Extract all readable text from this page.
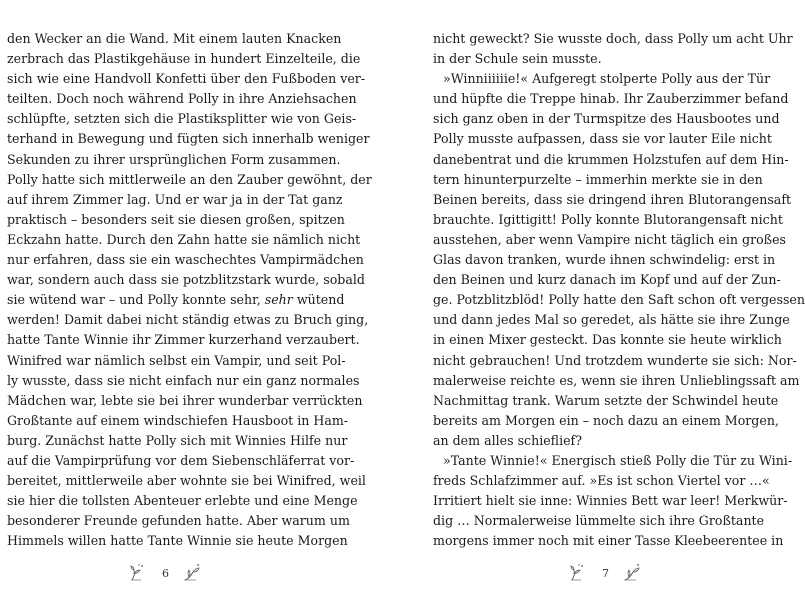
den Wecker an die Wand. Mit einem lauten Knacken
zerbrach das Plastikgehäuse in hundert Einzelteile, die
sich wie eine Handvoll Konfetti über den Fußboden ver-
teilten. Doch noch während Polly in ihre Anziehsachen
schlüpfte, setzten sich die Plastiksplitter wie von Geis-
terhand in Bewegung und fügten sich innerhalb weniger
Sekunden zu ihrer ursprünglichen Form zusammen.
Polly hatte sich mittlerweile an den Zauber gewöhnt, der
auf ihrem Zimmer lag. Und er war ja in der Tat ganz
praktisch – besonders seit sie diesen großen, spitzen
Eckzahn hatte. Durch den Zahn hatte sie nämlich nicht
nur erfahren, dass sie ein waschechtes Vampirmädchen
war, sondern auch dass sie potzblitzstark wurde, sobald
sie wütend war – und Polly konnte sehr, sehr wütend
werden! Damit dabei nicht ständig etwas zu Bruch ging,
hatte Tante Winnie ihr Zimmer kurzerhand verzaubert.
Winifred war nämlich selbst ein Vampir, und seit Pol-
ly wusste, dass sie nicht einfach nur ein ganz normales
Mädchen war, lebte sie bei ihrer wunderbar verrückten
Großtante auf einem windschiefen Hausboot in Ham-
burg. Zunächst hatte Polly sich mit Winnies Hilfe nur
auf die Vampirprüfung vor dem Siebenschläferrat vor-
bereitet, mittlerweile aber wohnte sie bei Winifred, weil
sie hier die tollsten Abenteuer erlebte und eine Menge
besonderer Freunde gefunden hatte. Aber warum um
Himmels willen hatte Tante Winnie sie heute Morgen
nicht geweckt? Sie wusste doch, dass Polly um acht Uhr
in der Schule sein musste.
»Winniiiiiie!« Aufgeregt stolperte Polly aus der Tür
und hüpfte die Treppe hinab. Ihr Zauberzimmer befand
sich ganz oben in der Turmspitze des Hausbootes und
Polly musste aufpassen, dass sie vor lauter Eile nicht
danebentrat und die krummen Holzstufen auf dem Hin-
tern hinunterpurzelte – immerhin merkte sie in den
Beinen bereits, dass sie dringend ihren Blutorangensaft
brauchte. Igittigitt! Polly konnte Blutorangensaft nicht
ausstehen, aber wenn Vampire nicht täglich ein großes
Glas davon tranken, wurde ihnen schwindelig: erst in
den Beinen und kurz danach im Kopf und auf der Zun-
ge. Potzblitzblöd! Polly hatte den Saft schon oft vergessen
und dann jedes Mal so geredet, als hätte sie ihre Zunge
in einen Mixer gesteckt. Das konnte sie heute wirklich
nicht gebrauchen! Und trotzdem wunderte sie sich: Nor-
malerweise reichte es, wenn sie ihren Unlieblingssaft am
Nachmittag trank. Warum setzte der Schwindel heute
bereits am Morgen ein – noch dazu an einem Morgen,
an dem alles schieflief?
»Tante Winnie!« Energisch stieß Polly die Tür zu Wini-
freds Schlafzimmer auf. »Es ist schon Viertel vor …«
Irritiert hielt sie inne: Winnies Bett war leer! Merkwür-
dig … Normalerweise lümmelte sich ihre Großtante
morgens immer noch mit einer Tasse Kleebeerentee in
6	7
